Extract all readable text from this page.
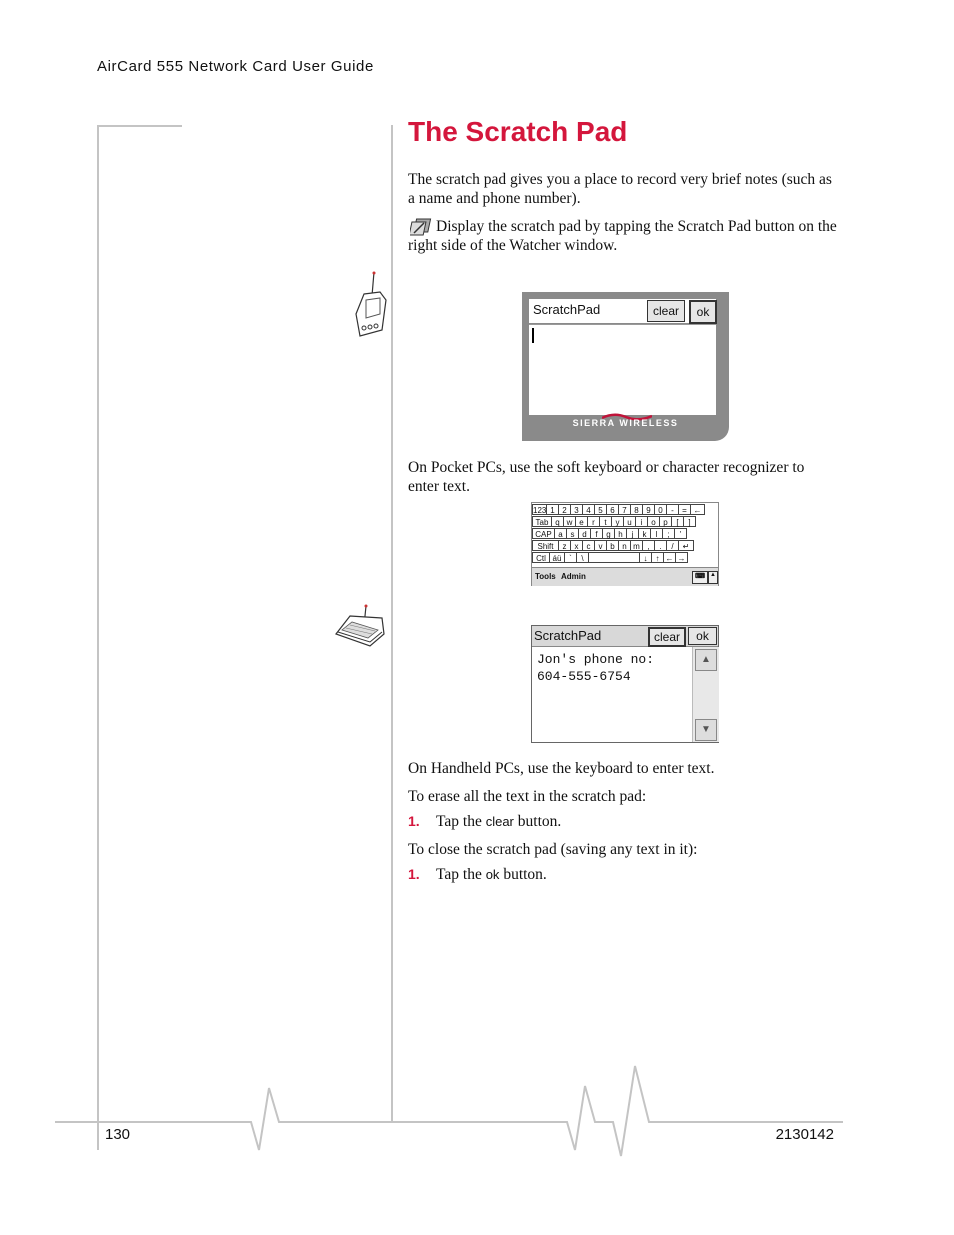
AirCard 555 Network Card User Guide
The Scratch Pad
The scratch pad gives you a place to record very brief notes (such as a name and phone number).
Display the scratch pad by tapping the Scratch Pad button on the right side of the Watcher window.
ScratchPad	clear	ok
SIERRA WIRELESS
On Pocket PCs, use the soft keyboard or character recognizer to enter text.
123 1 2 3 4 5 6 7 8 9 0	-	= ←
Tab q w e	r	t	y u	i	o p	[	]
CAP a s d	f	g h	j	k	l	;	'
Shift	z	x	c	v b n m ,	.	/	↵
Ctl áü `	\	↓	↑ ← →
Tools Admin	⌨ ▲
ScratchPad	clear	ok
Jon's phone no:
604-555-6754
▲
▼
On Handheld PCs, use the keyboard to enter text.
To erase all the text in the scratch pad:
1. Tap the clear button.
To close the scratch pad (saving any text in it):
1. Tap the ok button.
130	2130142
